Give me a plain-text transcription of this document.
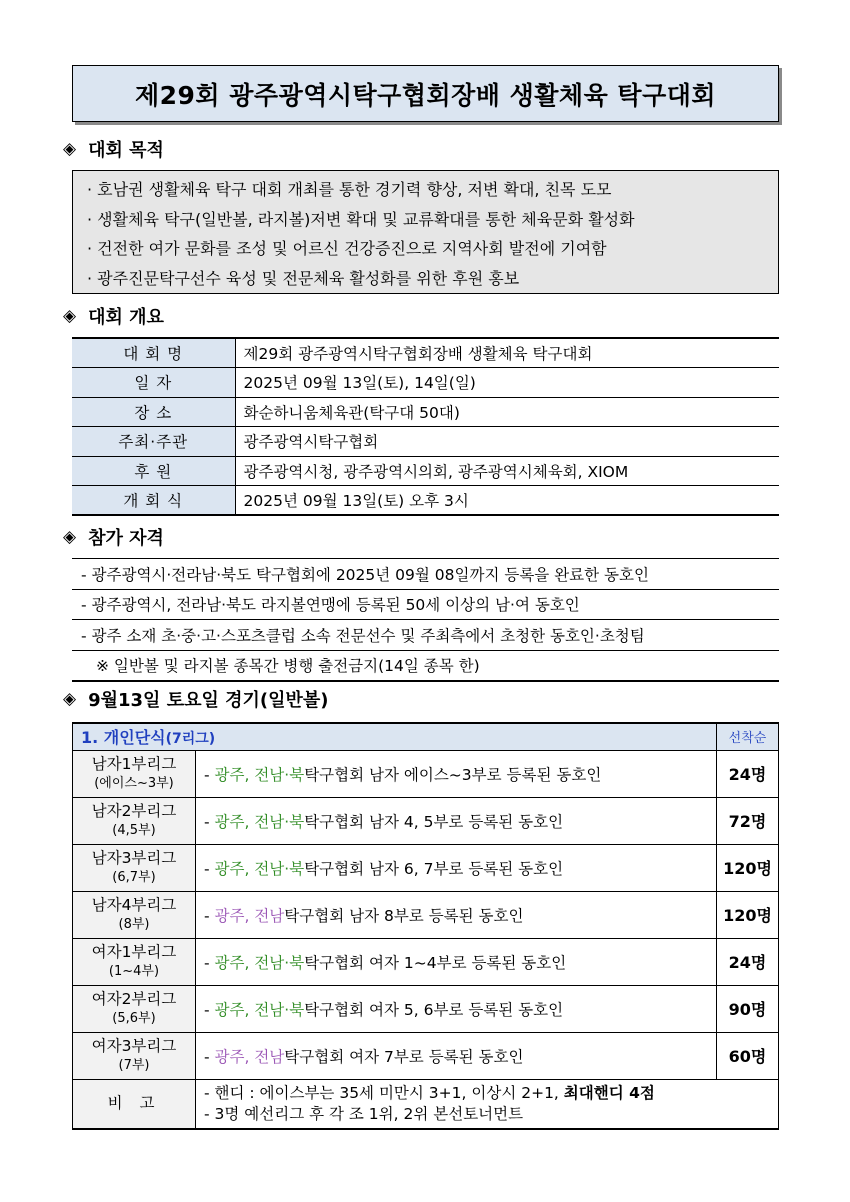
제29회 광주광역시탁구협회장배 생활체육 탁구대회
◈ 대회 목적
· 호남권 생활체육 탁구 대회 개최를 통한 경기력 향상, 저변 확대, 친목 도모
· 생활체육 탁구(일반볼, 라지볼)저변 확대 및 교류확대를 통한 체육문화 활성화
· 건전한 여가 문화를 조성 및 어르신 건강증진으로 지역사회 발전에 기여함
· 광주진문탁구선수 육성 및 전문체육 활성화를 위한 후원 홍보
◈ 대회 개요
대 회 명	제29회 광주광역시탁구협회장배 생활체육 탁구대회
일 자	2025년 09월 13일(토), 14일(일)
장 소	화순하니움체육관(탁구대 50대)
주최·주관	광주광역시탁구협회
후 원	광주광역시청, 광주광역시의회, 광주광역시체육회, XIOM
개 회 식	2025년 09월 13일(토) 오후 3시
◈ 참가 자격
- 광주광역시·전라남·북도 탁구협회에 2025년 09월 08일까지 등록을 완료한 동호인
- 광주광역시, 전라남·북도 라지볼연맹에 등록된 50세 이상의 남·여 동호인
- 광주 소재 초·중·고·스포츠클럽 소속 전문선수 및 주최측에서 초청한 동호인·초청팀
※ 일반볼 및 라지볼 종목간 병행 출전금지(14일 종목 한)
◈ 9월13일 토요일 경기(일반볼)
1. 개인단식(7리그)		선착순
남자1부리그
(에이스~3부)	- 광주, 전남·북탁구협회 남자 에이스~3부로 등록된 동호인	24명
남자2부리그
(4,5부)	- 광주, 전남·북탁구협회 남자 4, 5부로 등록된 동호인	72명
남자3부리그
(6,7부)	- 광주, 전남·북탁구협회 남자 6, 7부로 등록된 동호인	120명
남자4부리그
(8부)	- 광주, 전남탁구협회 남자 8부로 등록된 동호인	120명
여자1부리그
(1~4부)	- 광주, 전남·북탁구협회 여자 1~4부로 등록된 동호인	24명
여자2부리그
(5,6부)	- 광주, 전남·북탁구협회 여자 5, 6부로 등록된 동호인	90명
여자3부리그
(7부)	- 광주, 전남탁구협회 여자 7부로 등록된 동호인	60명
비 고	- 핸디 : 에이스부는 35세 미만시 3+1, 이상시 2+1, 최대핸디 4점
- 3명 예선리그 후 각 조 1위, 2위 본선토너먼트	
